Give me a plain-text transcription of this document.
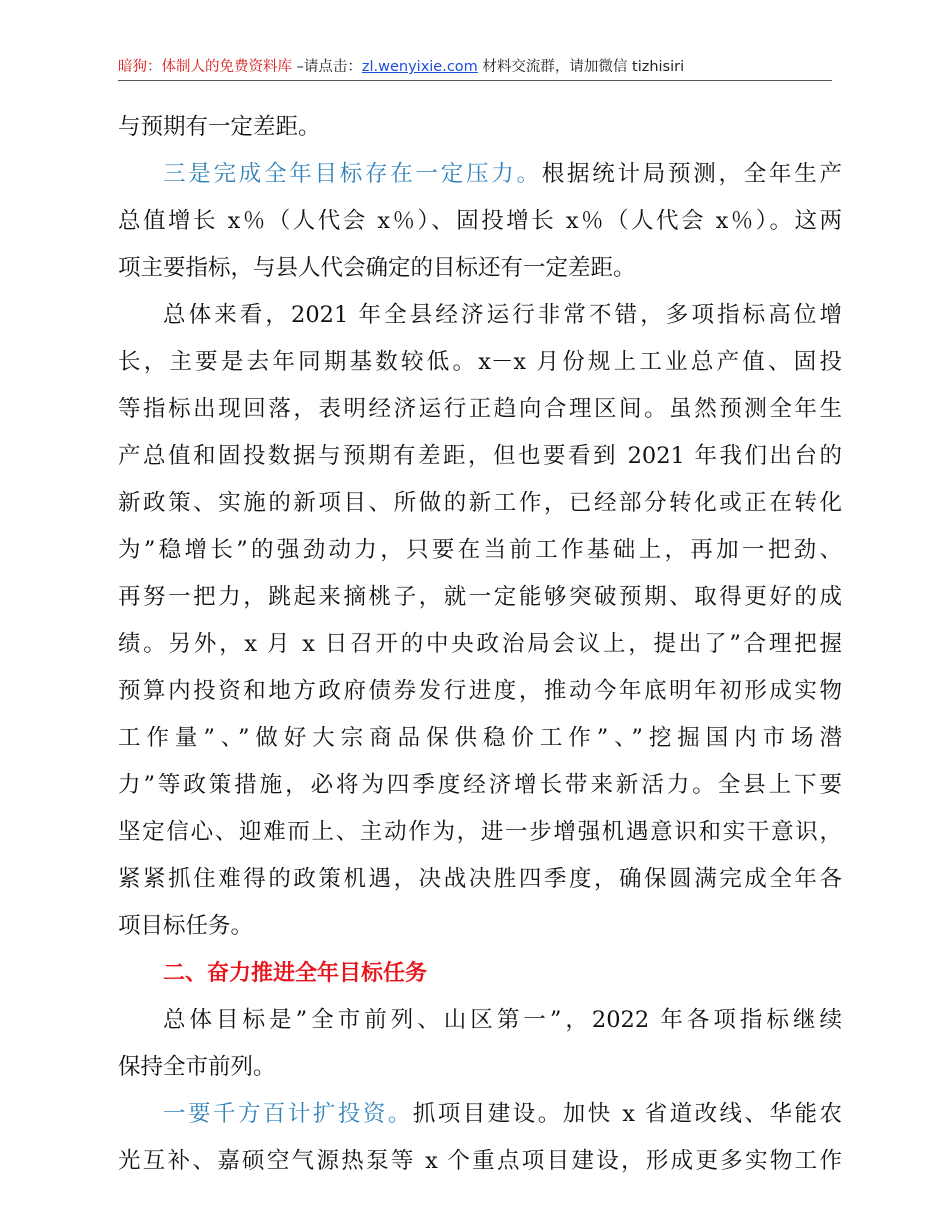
暗狗：体制人的免费资料库 –请点击：zl.wenyixie.com 材料交流群，请加微信 tizhisiri
与预期有一定差距。
三是完成全年目标存在一定压力。根据统计局预测，全年生产
总值增长 x％（人代会 x％）、固投增长 x％（人代会 x％）。这两
项主要指标，与县人代会确定的目标还有一定差距。
总体来看，2021 年全县经济运行非常不错，多项指标高位增
长，主要是去年同期基数较低。x－x 月份规上工业总产值、固投
等指标出现回落，表明经济运行正趋向合理区间。虽然预测全年生
产总值和固投数据与预期有差距，但也要看到 2021 年我们出台的
新政策、实施的新项目、所做的新工作，已经部分转化或正在转化
为”稳增长”的强劲动力，只要在当前工作基础上，再加一把劲、
再努一把力，跳起来摘桃子，就一定能够突破预期、取得更好的成
绩。另外，x 月 x 日召开的中央政治局会议上，提出了”合理把握
预算内投资和地方政府债券发行进度，推动今年底明年初形成实物
工作量”、”做好大宗商品保供稳价工作”、”挖掘国内市场潜
力”等政策措施，必将为四季度经济增长带来新活力。全县上下要
坚定信心、迎难而上、主动作为，进一步增强机遇意识和实干意识，
紧紧抓住难得的政策机遇，决战决胜四季度，确保圆满完成全年各
项目标任务。
二、奋力推进全年目标任务
总体目标是”全市前列、山区第一”，2022 年各项指标继续
保持全市前列。
一要千方百计扩投资。抓项目建设。加快 x 省道改线、华能农
光互补、嘉硕空气源热泵等 x 个重点项目建设，形成更多实物工作
